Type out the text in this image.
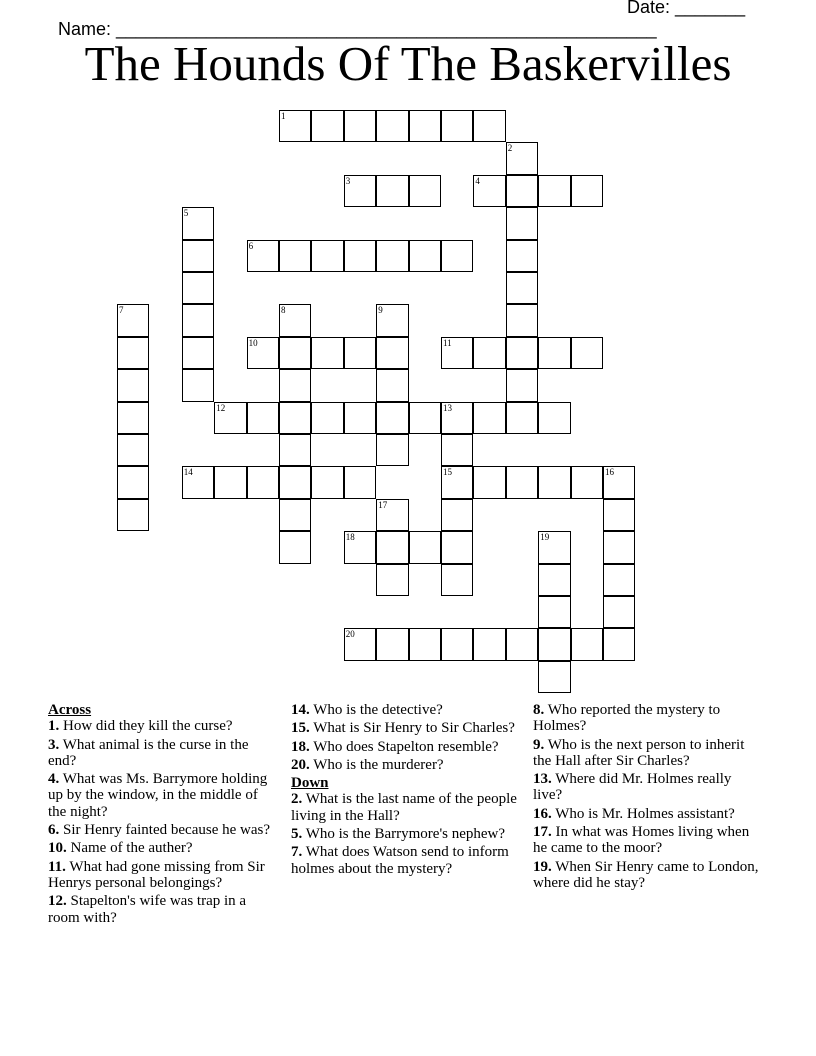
Name: ______________________________________________________

Date: _______

The Hounds Of The Baskervilles
1
2
3	4
5
6
7	8	9
10	11
12	13
15
14	16
17
18	19
20
Across
1. How did they kill the curse?
3. What animal is the curse in the end?
4. What was Ms. Barrymore holding up by the window, in the middle of the night?
6. Sir Henry fainted because he was?
10. Name of the auther?
11. What had gone missing from Sir Henrys personal belongings?
12. Stapelton's wife was trap in a room with?
14. Who is the detective?
15. What is Sir Henry to Sir Charles?
18. Who does Stapelton resemble?
20. Who is the murderer?
Down
2. What is the last name of the people living in the Hall?
5. Who is the Barrymore's nephew?
7. What does Watson send to inform holmes about the mystery?
8. Who reported the mystery to Holmes?
9. Who is the next person to inherit the Hall after Sir Charles?
13. Where did Mr. Holmes really live?
16. Who is Mr. Holmes assistant?
17. In what was Homes living when he came to the moor?
19. When Sir Henry came to London, where did he stay?
